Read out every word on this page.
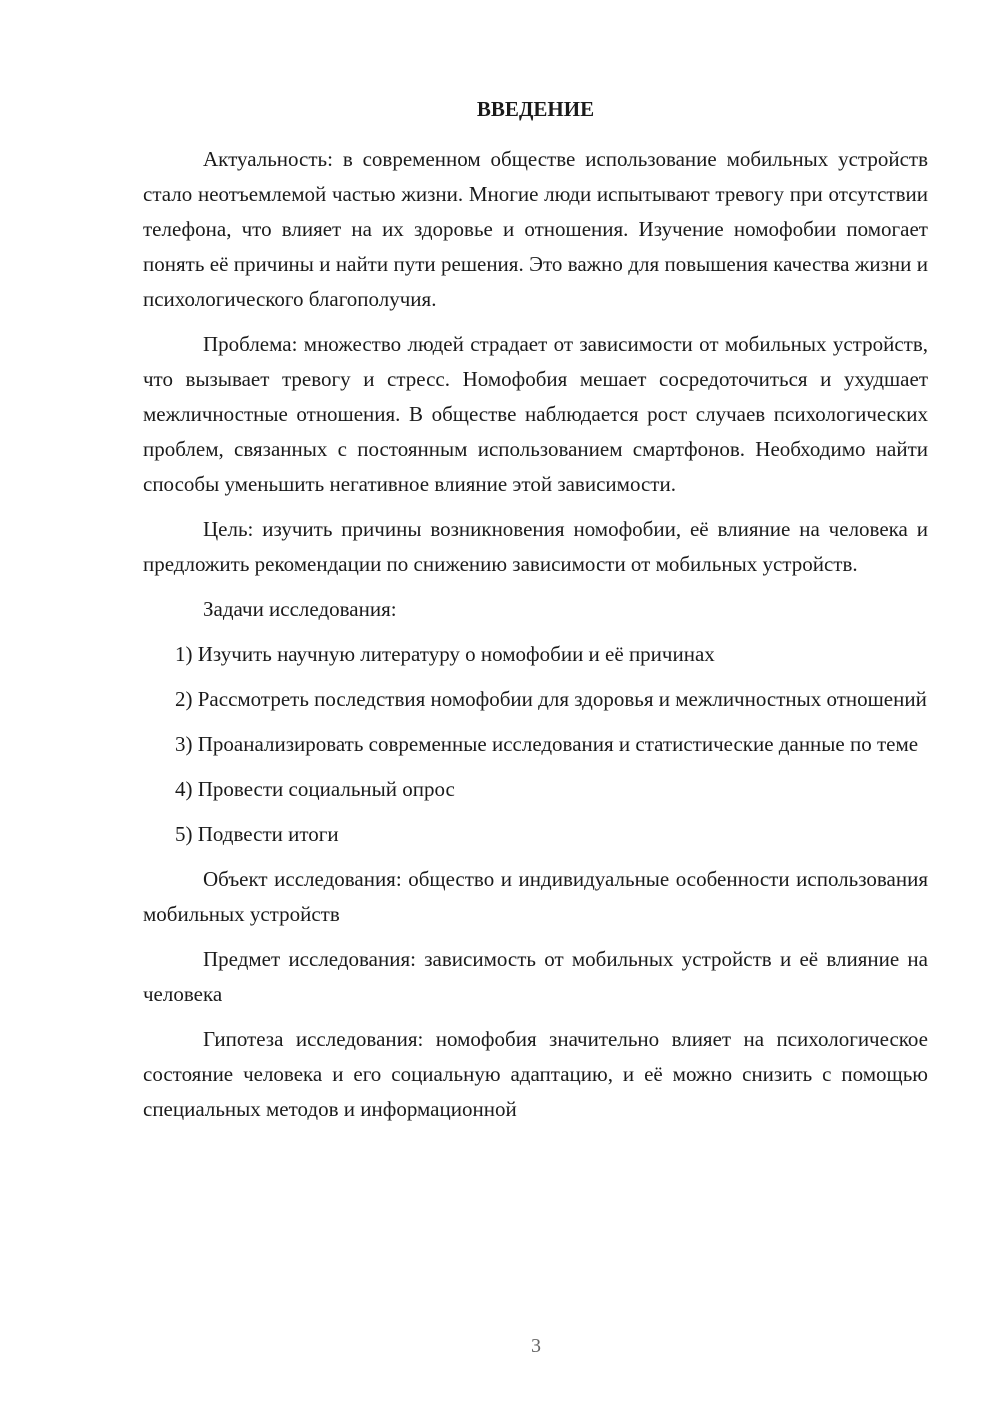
ВВЕДЕНИЕ

Актуальность: в современном обществе использование мобильных устройств стало неотъемлемой частью жизни. Многие люди испытывают тревогу при отсутствии телефона, что влияет на их здоровье и отношения. Изучение номофобии помогает понять её причины и найти пути решения. Это важно для повышения качества жизни и психологического благополучия.

Проблема: множество людей страдает от зависимости от мобильных устройств, что вызывает тревогу и стресс. Номофобия мешает сосредоточиться и ухудшает межличностные отношения. В обществе наблюдается рост случаев психологических проблем, связанных с постоянным использованием смартфонов. Необходимо найти способы уменьшить негативное влияние этой зависимости.

Цель: изучить причины возникновения номофобии, её влияние на человека и предложить рекомендации по снижению зависимости от мобильных устройств.

Задачи исследования:

1) Изучить научную литературу о номофобии и её причинах

2) Рассмотреть последствия номофобии для здоровья и межличностных отношений

3) Проанализировать современные исследования и статистические данные по теме

4) Провести социальный опрос

5) Подвести итоги

Объект исследования: общество и индивидуальные особенности использования мобильных устройств

Предмет исследования: зависимость от мобильных устройств и её влияние на человека

Гипотеза исследования: номофобия значительно влияет на психологическое состояние человека и его социальную адаптацию, и её можно снизить с помощью специальных методов и информационной

3
